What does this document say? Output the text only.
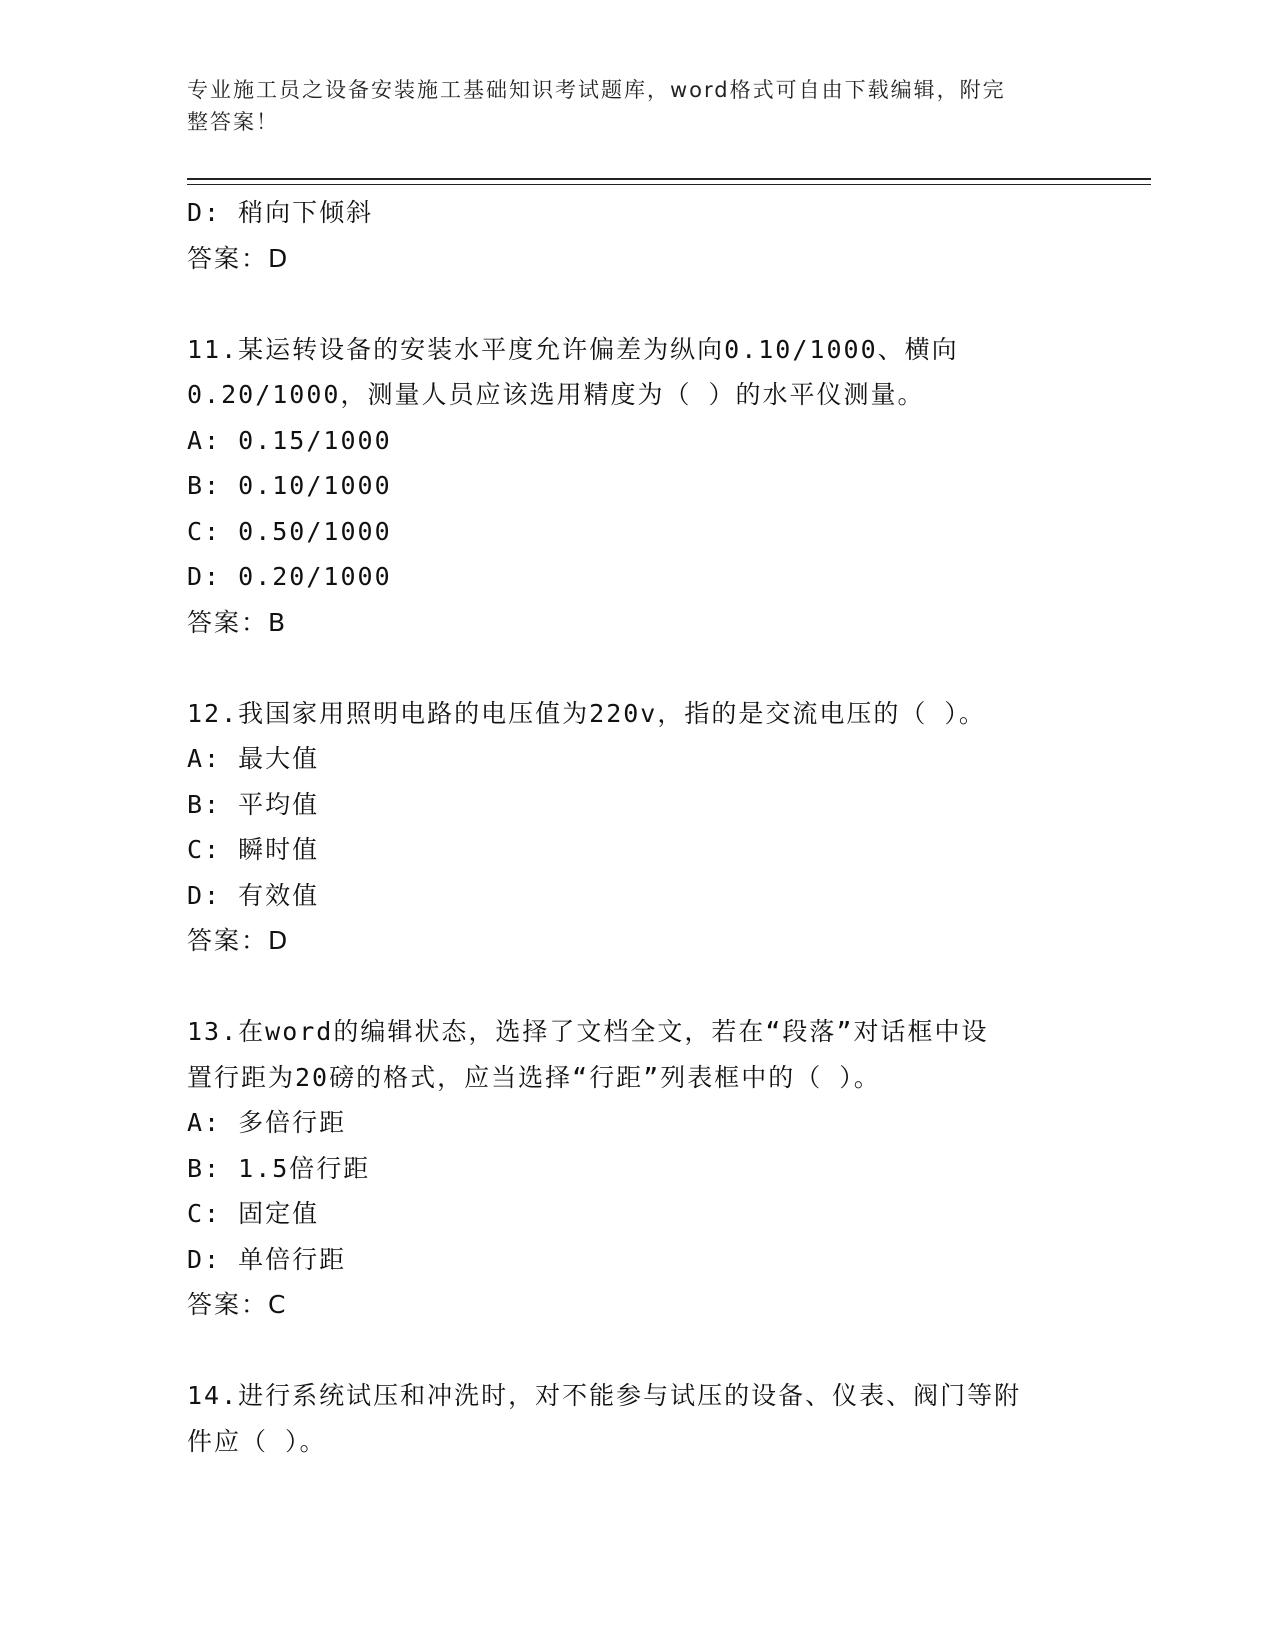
专业施工员之设备安装施工基础知识考试题库，word格式可自由下载编辑，附完
整答案！
D: 稍向下倾斜
答案：D
11.某运转设备的安装水平度允许偏差为纵向0.10/1000、横向
0.20/1000，测量人员应该选用精度为（ ）的水平仪测量。
A: 0.15/1000
B: 0.10/1000
C: 0.50/1000
D: 0.20/1000
答案：B
12.我国家用照明电路的电压值为220v，指的是交流电压的（ ）。
A: 最大值
B: 平均值
C: 瞬时值
D: 有效值
答案：D
13.在word的编辑状态，选择了文档全文，若在“段落”对话框中设
置行距为20磅的格式，应当选择“行距”列表框中的（ ）。
A: 多倍行距
B: 1.5倍行距
C: 固定值
D: 单倍行距
答案：C
14.进行系统试压和冲洗时，对不能参与试压的设备、仪表、阀门等附
件应（ ）。
